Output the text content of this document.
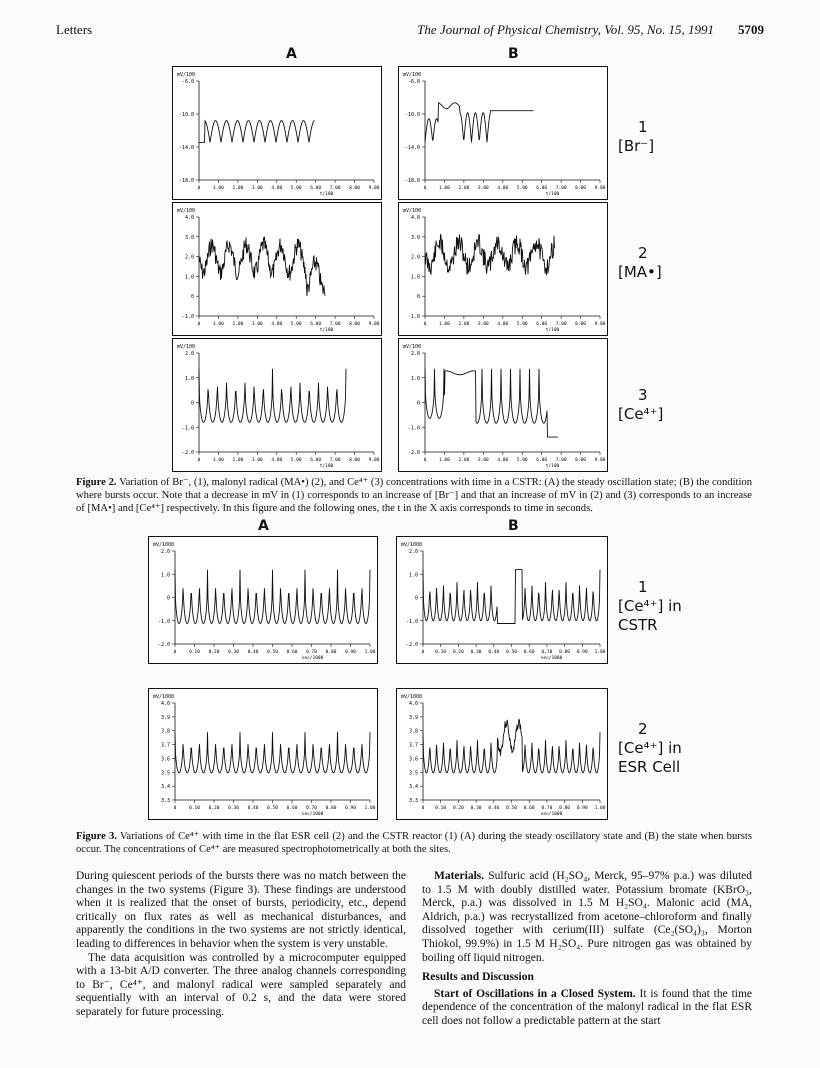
Letters	The Journal of Physical Chemistry, Vol. 95, No. 15, 1991 5709
A	B
mV/100
-6.0
-10.0
-14.0
-18.0
0	1.00 2.00 3.00 4.00 5.00 6.00 7.00 8.00 9.00
t/100
mV/100
-6.0
-10.0
-14.0
-18.0
0	1.00 2.00 3.00 4.00 5.00 6.00 7.00 8.00 9.00
t/100
mV/100
4.0
3.0
2.0
1.0
0
-1.0
0	1.00 2.00 3.00 4.00 5.00 6.00 7.00 8.00 9.00
t/100
mV/100
4.0
3.0
2.0
1.0
0
-1.0
0	1.00 2.00 3.00 4.00 5.00 6.00 7.00 8.00 9.00
t/100
mV/100
2.0
1.0
0
-1.0
-2.0
0	1.00 2.00 3.00 4.00 5.00 6.00 7.00 8.00 9.00
t/100
mV/100
2.0
1.0
0
-1.0
-2.0
0	1.00 2.00 3.00 4.00 5.00 6.00 7.00 8.00 9.00
t/100
1
[Br⁻]
2
[MA•]
3
[Ce⁴⁺]
Figure 2. Variation of Br⁻, (1), malonyl radical (MA•) (2), and Ce⁴⁺ (3) concentrations with time in a CSTR: (A) the steady oscillation state; (B) the condition where bursts occur. Note that a decrease in mV in (1) corresponds to an increase of [Br⁻] and that an increase of mV in (2) and (3) corresponds to an increase of [MA•] and [Ce⁴⁺] respectively. In this figure and the following ones, the t in the X axis corresponds to time in seconds.
A	B
mV/1000
2.0
1.0
0
-1.0
-2.0
0	0.10 0.20 0.30 0.40 0.50 0.60 0.70 0.80 0.90 1.00
sec/1000
mV/1000
2.0
1.0
0
-1.0
-2.0
0 0.10 0.20 0.30 0.40 0.50 0.60 0.70 0.80 0.90 1.00
sec/1000
mV/1000
4.0
3.9
3.8
3.7
3.6
3.5
3.4
3.3
0	0.10 0.20 0.30 0.40 0.50 0.60 0.70 0.80 0.90 1.00
sec/1000
mV/1000
4.0
3.9
3.8
3.7
3.6
3.5
3.4
3.3
0 0.10 0.20 0.30 0.40 0.50 0.60 0.70 0.80 0.90 1.00
sec/1000
1
[Ce⁴⁺] in
CSTR
2
[Ce⁴⁺] in
ESR Cell
Figure 3. Variations of Ce⁴⁺ with time in the flat ESR cell (2) and the CSTR reactor (1) (A) during the steady oscillatory state and (B) the state when bursts occur. The concentrations of Ce⁴⁺ are measured spectrophotometrically at both the sites.

During quiescent periods of the bursts there was no match between the changes in the two systems (Figure 3). These findings are understood when it is realized that the onset of bursts, periodicity, etc., depend critically on flux rates as well as mechanical disturbances, and apparently the conditions in the two systems are not strictly identical, leading to differences in behavior when the system is very unstable.

The data acquisition was controlled by a microcomputer equipped with a 13-bit A/D converter. The three analog channels corresponding to Br⁻, Ce⁴⁺, and malonyl radical were sampled separately and sequentially with an interval of 0.2 s, and the data were stored separately for future processing.

Materials. Sulfuric acid (H₂SO₄, Merck, 95–97% p.a.) was diluted to 1.5 M with doubly distilled water. Potassium bromate (KBrO₃, Merck, p.a.) was dissolved in 1.5 M H₂SO₄. Malonic acid (MA, Aldrich, p.a.) was recrystallized from acetone–chloroform and finally dissolved together with cerium(III) sulfate (Ce₂(SO₄)₃, Morton Thiokol, 99.9%) in 1.5 M H₂SO₄. Pure nitrogen gas was obtained by boiling off liquid nitrogen.

Results and Discussion

Start of Oscillations in a Closed System. It is found that the time dependence of the concentration of the malonyl radical in the flat ESR cell does not follow a predictable pattern at the start
